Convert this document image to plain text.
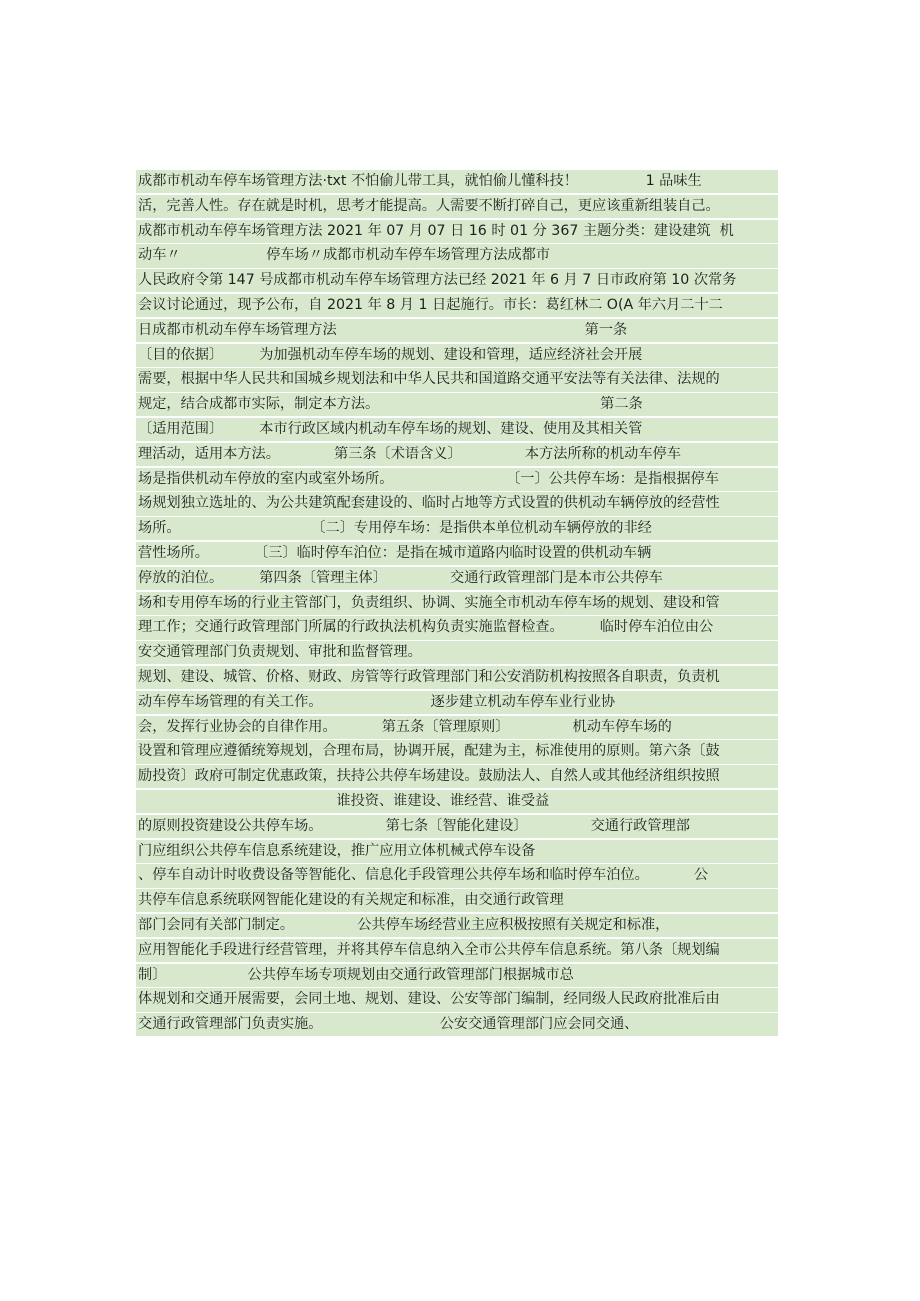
成都市机动车停车场管理方法·txt 不怕偷儿带工具，就怕偷儿懂科技！               1 品味生
活，完善人性。存在就是时机，思考才能提高。人需要不断打碎自己，更应该重新组装自己。
成都市机动车停车场管理方法 2021 年 07 月 07 日 16 时 01 分 367 主题分类：建设建筑  机
动车〃                   停车场〃成都市机动车停车场管理方法成都市
人民政府令第 147 号成都市机动车停车场管理方法已经 2021 年 6 月 7 日市政府第 10 次常务
会议讨论通过，现予公布，自 2021 年 8 月 1 日起施行。市长：葛红林二 O(A 年六月二十二
日成都市机动车停车场管理方法                                                       第一条
〔目的依据〕        为加强机动车停车场的规划、建设和管理，适应经济社会开展
需要，根据中华人民共和国城乡规划法和中华人民共和国道路交通平安法等有关法律、法规的
规定，结合成都市实际，制定本方法。                                                 第二条
〔适用范围〕        本市行政区域内机动车停车场的规划、建设、使用及其相关管
理活动，适用本方法。            第三条〔术语含义〕              本方法所称的机动车停车
场是指供机动车停放的室内或室外场所。                         〔一〕公共停车场：是指根据停车
场规划独立选址的、为公共建筑配套建设的、临时占地等方式设置的供机动车辆停放的经营性
场所。                             〔二〕专用停车场：是指供本单位机动车辆停放的非经
营性场所。          〔三〕临时停车泊位：是指在城市道路内临时设置的供机动车辆
停放的泊位。        第四条〔管理主体〕              交通行政管理部门是本市公共停车
场和专用停车场的行业主管部门，负责组织、协调、实施全市机动车停车场的规划、建设和管
理工作；交通行政管理部门所属的行政执法机构负责实施监督检查。        临时停车泊位由公
安交通管理部门负责规划、审批和监督管理。
规划、建设、城管、价格、财政、房管等行政管理部门和公安消防机构按照各自职责，负责机
动车停车场管理的有关工作。                        逐步建立机动车停车业行业协
会，发挥行业协会的自律作用。          第五条〔管理原则〕              机动车停车场的
设置和管理应遵循统筹规划，合理布局，协调开展，配建为主，标准使用的原则。第六条〔鼓
励投资〕政府可制定优惠政策，扶持公共停车场建设。鼓励法人、自然人或其他经济组织按照
谁投资、谁建设、谁经营、谁受益
的原则投资建设公共停车场。              第七条〔智能化建设〕              交通行政管理部
门应组织公共停车信息系统建设，推广应用立体机械式停车设备
、停车自动计时收费设备等智能化、信息化手段管理公共停车场和临时停车泊位。          公
共停车信息系统联网智能化建设的有关规定和标准，由交通行政管理
部门会同有关部门制定。              公共停车场经营业主应积极按照有关规定和标准，
应用智能化手段进行经营管理，并将其停车信息纳入全市公共停车信息系统。第八条〔规划编
制〕                  公共停车场专项规划由交通行政管理部门根据城市总
体规划和交通开展需要，会同土地、规划、建设、公安等部门编制，经同级人民政府批准后由
交通行政管理部门负责实施。                          公安交通管理部门应会同交通、
